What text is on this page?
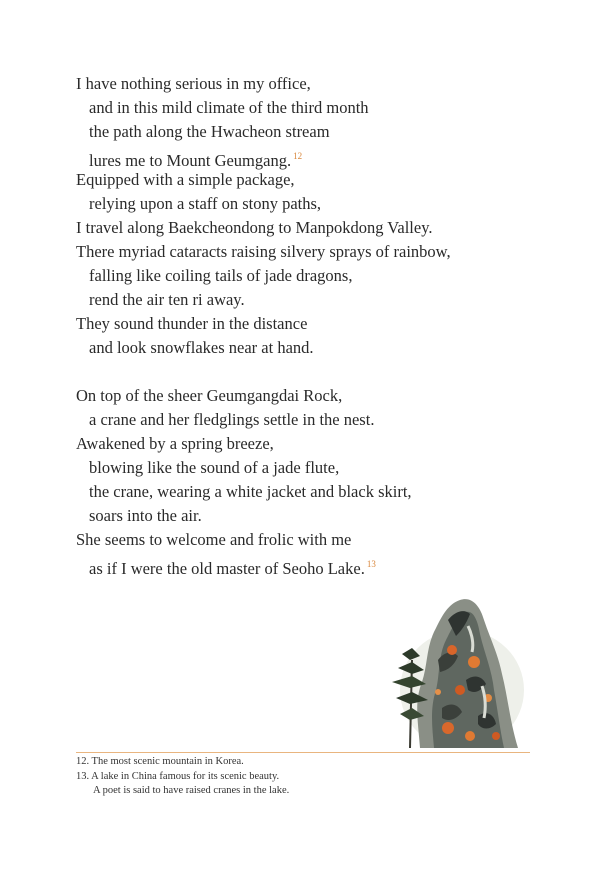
I have nothing serious in my office,
and in this mild climate of the third month
the path along the Hwacheon stream
lures me to Mount Geumgang. $^{12}$
Equipped with a simple package,
relying upon a staff on stony paths,
I travel along Baekcheondong to Manpokdong Valley.
There myriad cataracts raising silvery sprays of rainbow,
falling like coiling tails of jade dragons,
rend the air ten ri away.
They sound thunder in the distance
and look snowflakes near at hand.
On top of the sheer Geumgangdai Rock,
a crane and her fledglings settle in the nest.
Awakened by a spring breeze,
blowing like the sound of a jade flute,
the crane, wearing a white jacket and black skirt,
soars into the air.
She seems to welcome and frolic with me
as if I were the old master of Seoho Lake. $^{13}$
12. The most scenic mountain in Korea.
13. A lake in China famous for its scenic beauty.
A poet is said to have raised cranes in the lake.
